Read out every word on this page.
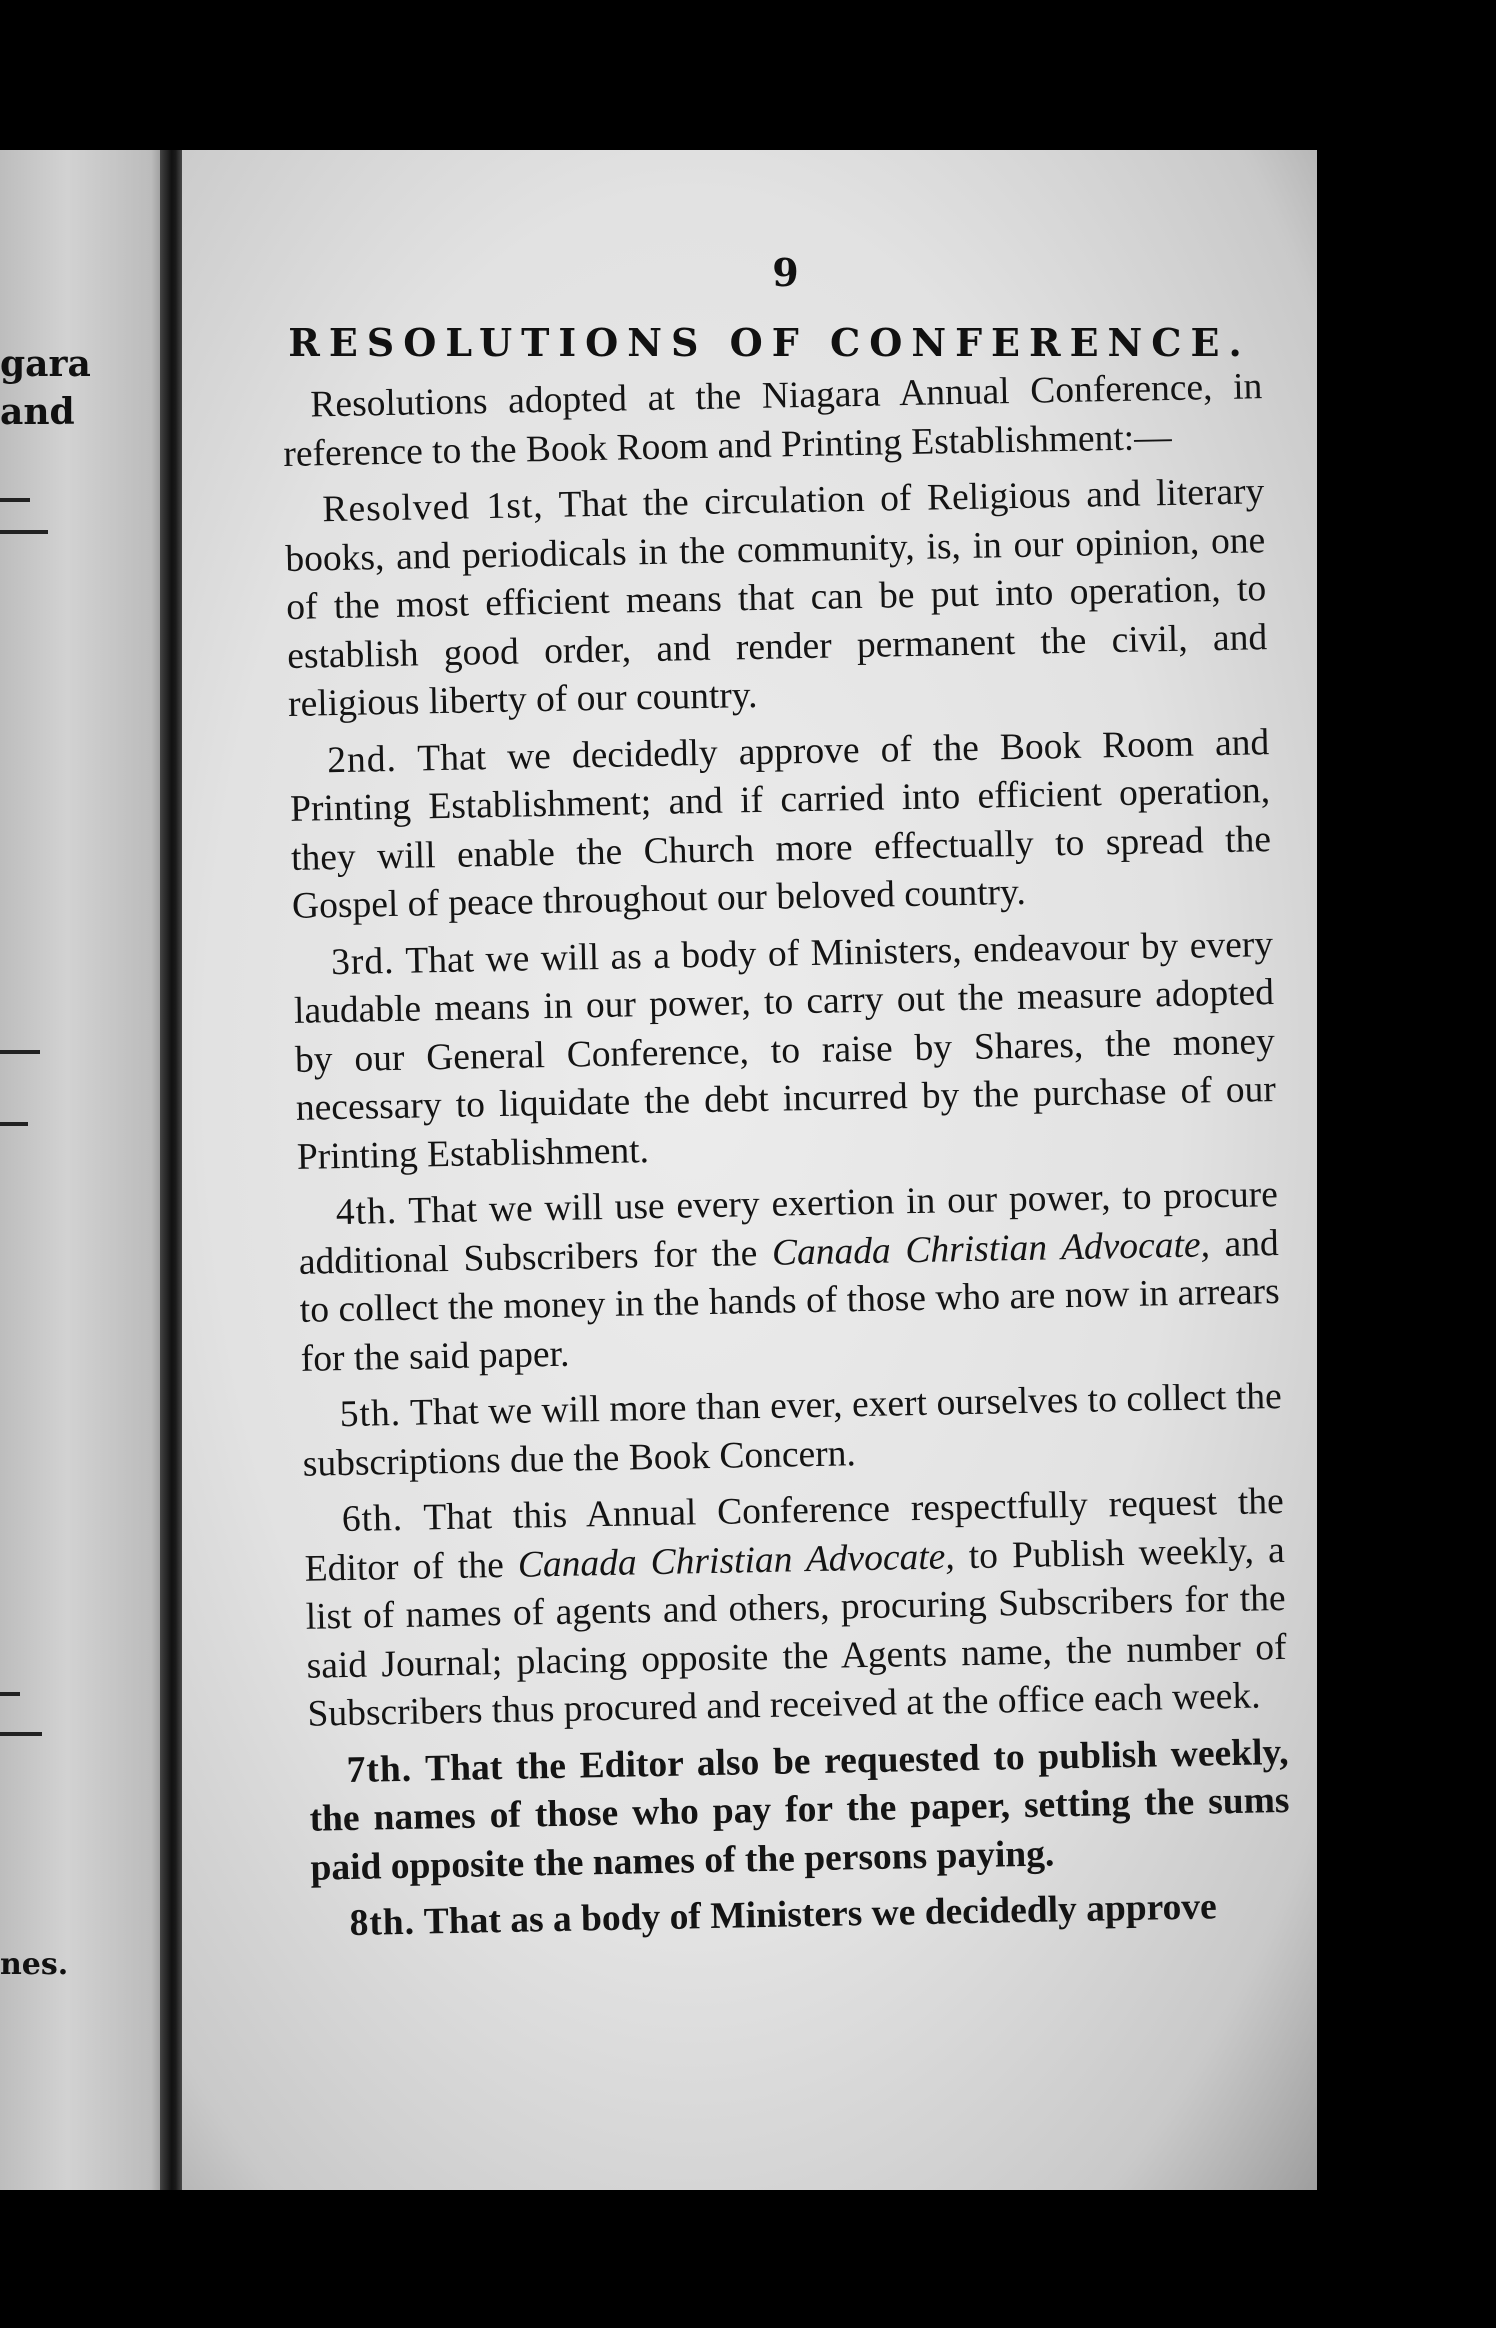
gara
and
nes.
9
RESOLUTIONS OF CONFERENCE.

Resolutions adopted at the Niagara Annual Conference, in reference to the Book Room and Printing Establishment:—

Resolved 1st, That the circulation of Religious and literary books, and periodicals in the community, is, in our opinion, one of the most efficient means that can be put into operation, to establish good order, and render permanent the civil, and religious liberty of our country.

2nd. That we decidedly approve of the Book Room and Printing Establishment; and if carried into efficient operation, they will enable the Church more effectually to spread the Gospel of peace throughout our beloved country.

3rd. That we will as a body of Ministers, endeavour by every laudable means in our power, to carry out the measure adopted by our General Conference, to raise by Shares, the money necessary to liquidate the debt incurred by the purchase of our Printing Establishment.

4th. That we will use every exertion in our power, to procure additional Subscribers for the Canada Christian Advocate, and to collect the money in the hands of those who are now in arrears for the said paper.

5th. That we will more than ever, exert ourselves to collect the subscriptions due the Book Concern.

6th. That this Annual Conference respectfully request the Editor of the Canada Christian Advocate, to Publish weekly, a list of names of agents and others, procuring Subscribers for the said Journal; placing opposite the Agents name, the number of Subscribers thus procured and received at the office each week.

7th. That the Editor also be requested to publish weekly, the names of those who pay for the paper, setting the sums paid opposite the names of the persons paying.

8th. That as a body of Ministers we decidedly approve
